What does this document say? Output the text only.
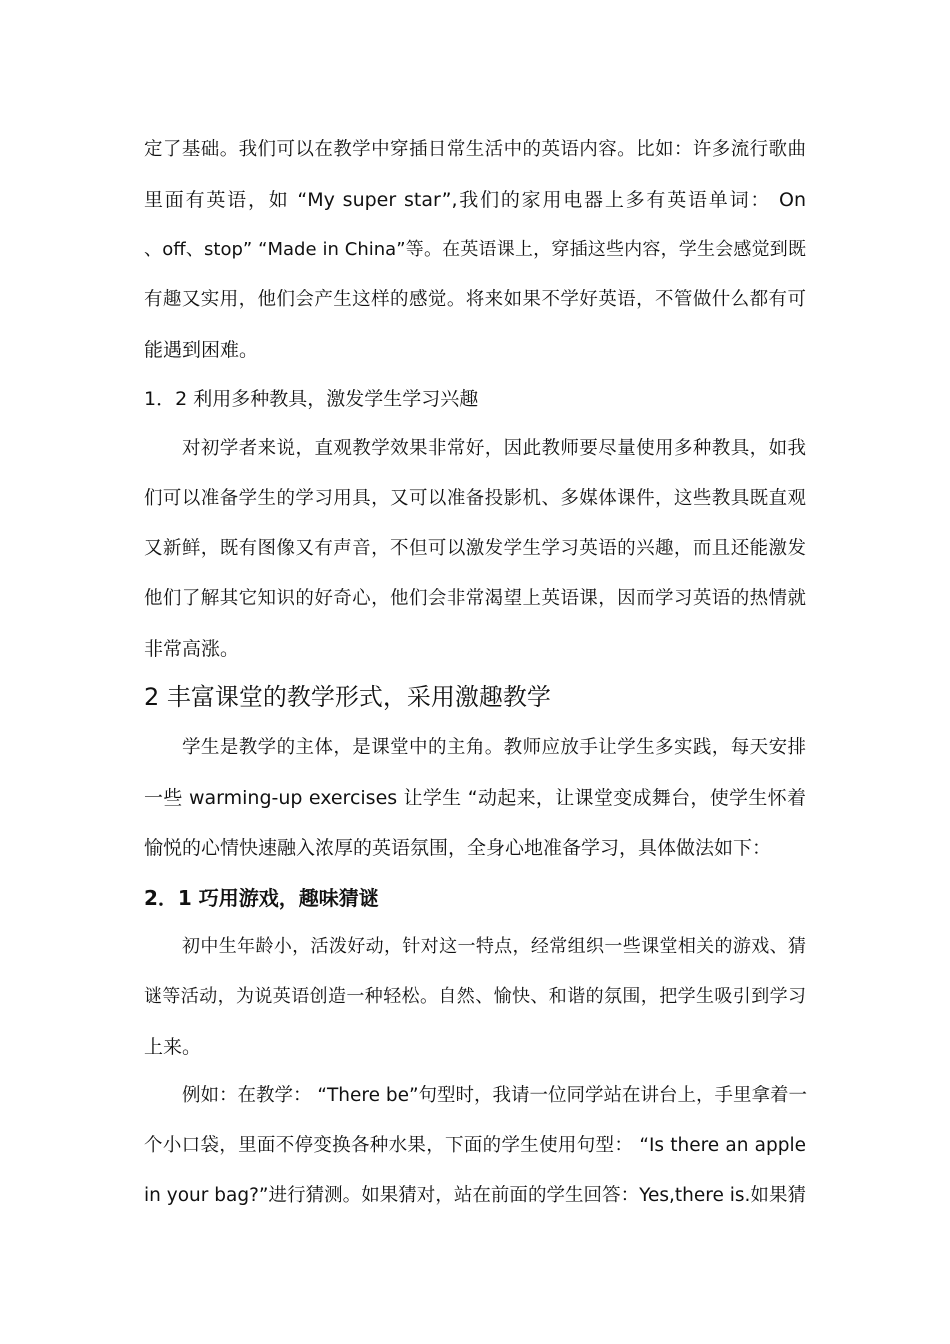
定了基础。我们可以在教学中穿插日常生活中的英语内容。比如：许多流行歌曲
里面有英语，如 “My super star”,我们的家用电器上多有英语单词： On
、off、stop” “Made in China”等。在英语课上，穿插这些内容，学生会感觉到既
有趣又实用，他们会产生这样的感觉。将来如果不学好英语，不管做什么都有可
能遇到困难。
1．2 利用多种教具，激发学生学习兴趣
对初学者来说，直观教学效果非常好，因此教师要尽量使用多种教具，如我
们可以准备学生的学习用具，又可以准备投影机、多媒体课件，这些教具既直观
又新鲜，既有图像又有声音，不但可以激发学生学习英语的兴趣，而且还能激发
他们了解其它知识的好奇心，他们会非常渴望上英语课，因而学习英语的热情就
非常高涨。
2 丰富课堂的教学形式，采用激趣教学
学生是教学的主体，是课堂中的主角。教师应放手让学生多实践，每天安排
一些 warming-up exercises 让学生 “动起来，让课堂变成舞台，使学生怀着
愉悦的心情快速融入浓厚的英语氛围，全身心地准备学习，具体做法如下：
2．1 巧用游戏，趣味猜谜
初中生年龄小，活泼好动，针对这一特点，经常组织一些课堂相关的游戏、猜
谜等活动，为说英语创造一种轻松。自然、愉快、和谐的氛围，把学生吸引到学习
上来。
例如：在教学： “There be”句型时，我请一位同学站在讲台上，手里拿着一
个小口袋，里面不停变换各种水果，下面的学生使用句型： “Is there an apple
in your bag?”进行猜测。如果猜对，站在前面的学生回答：Yes,there is.如果猜
